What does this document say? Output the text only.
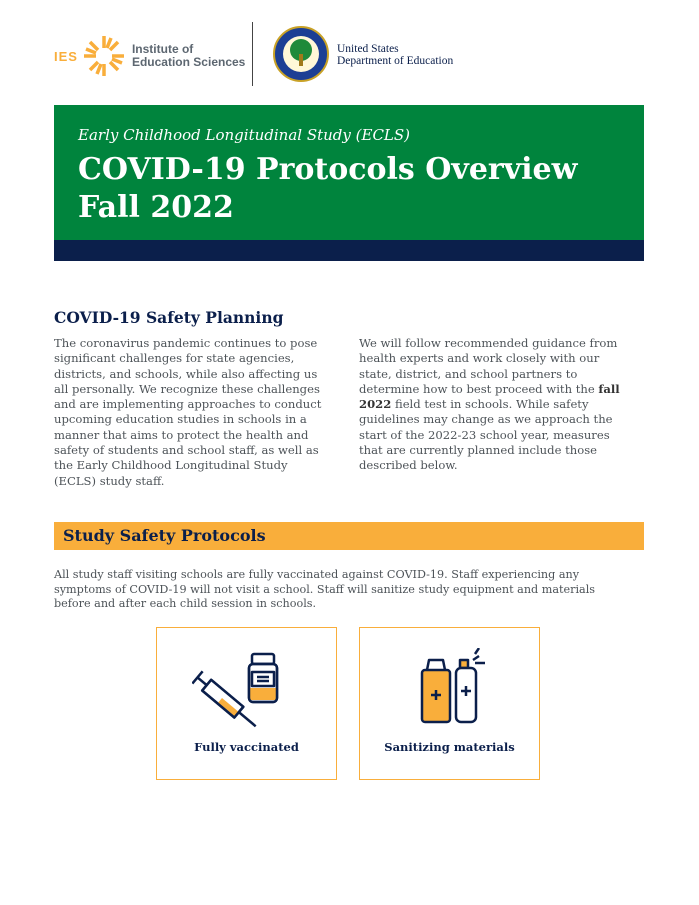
IES	Institute of
Education Sciences
United States
Department of Education
Early Childhood Longitudinal Study (ECLS)
COVID-19 Protocols Overview
Fall 2022
COVID-19 Safety Planning
The coronavirus pandemic continues to pose significant challenges for state agencies, districts, and schools, while also affecting us all personally. We recognize these challenges and are implementing approaches to conduct upcoming education studies in schools in a manner that aims to protect the health and safety of students and school staff, as well as the Early Childhood Longitudinal Study (ECLS) study staff.
We will follow recommended guidance from health experts and work closely with our state, district, and school partners to determine how to best proceed with the fall 2022 field test in schools. While safety guidelines may change as we approach the start of the 2022-23 school year, measures that are currently planned include those described below.
Study Safety Protocols
All study staff visiting schools are fully vaccinated against COVID-19. Staff experiencing any symptoms of COVID-19 will not visit a school. Staff will sanitize study equipment and materials before and after each child session in schools.
Fully vaccinated	Sanitizing materials
